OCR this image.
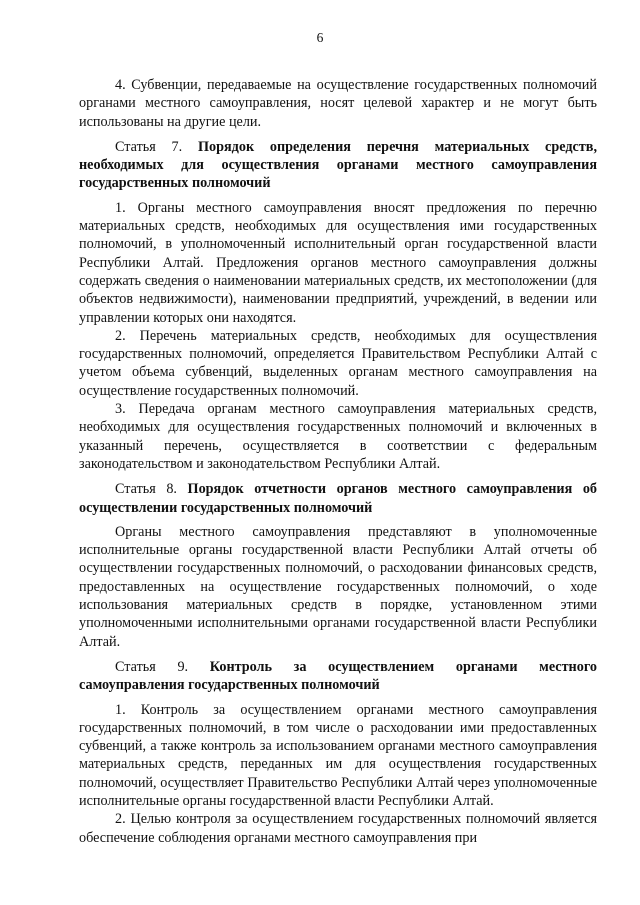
6

4. Субвенции, передаваемые на осуществление государственных полномочий органами местного самоуправления, носят целевой характер и не могут быть использованы на другие цели.

Статья 7. Порядок определения перечня материальных средств, необходимых для осуществления органами местного самоуправления государственных полномочий

1. Органы местного самоуправления вносят предложения по перечню материальных средств, необходимых для осуществления ими государственных полномочий, в уполномоченный исполнительный орган государственной власти Республики Алтай. Предложения органов местного самоуправления должны содержать сведения о наименовании материальных средств, их местоположении (для объектов недвижимости), наименовании предприятий, учреждений, в ведении или управлении которых они находятся.

2. Перечень материальных средств, необходимых для осуществления государственных полномочий, определяется Правительством Республики Алтай с учетом объема субвенций, выделенных органам местного самоуправления на осуществление государственных полномочий.

3. Передача органам местного самоуправления материальных средств, необходимых для осуществления государственных полномочий и включенных в указанный перечень, осуществляется в соответствии с федеральным законодательством и законодательством Республики Алтай.

Статья 8. Порядок отчетности органов местного самоуправления об осуществлении государственных полномочий

Органы местного самоуправления представляют в уполномоченные исполнительные органы государственной власти Республики Алтай отчеты об осуществлении государственных полномочий, о расходовании финансовых средств, предоставленных на осуществление государственных полномочий, о ходе использования материальных средств в порядке, установленном этими уполномоченными исполнительными органами государственной власти Республики Алтай.

Статья 9. Контроль за осуществлением органами местного самоуправления государственных полномочий

1. Контроль за осуществлением органами местного самоуправления государственных полномочий, в том числе о расходовании ими предоставленных субвенций, а также контроль за использованием органами местного самоуправления материальных средств, переданных им для осуществления государственных полномочий, осуществляет Правительство Республики Алтай через уполномоченные исполнительные органы государственной власти Республики Алтай.

2. Целью контроля за осуществлением государственных полномочий является обеспечение соблюдения органами местного самоуправления при
